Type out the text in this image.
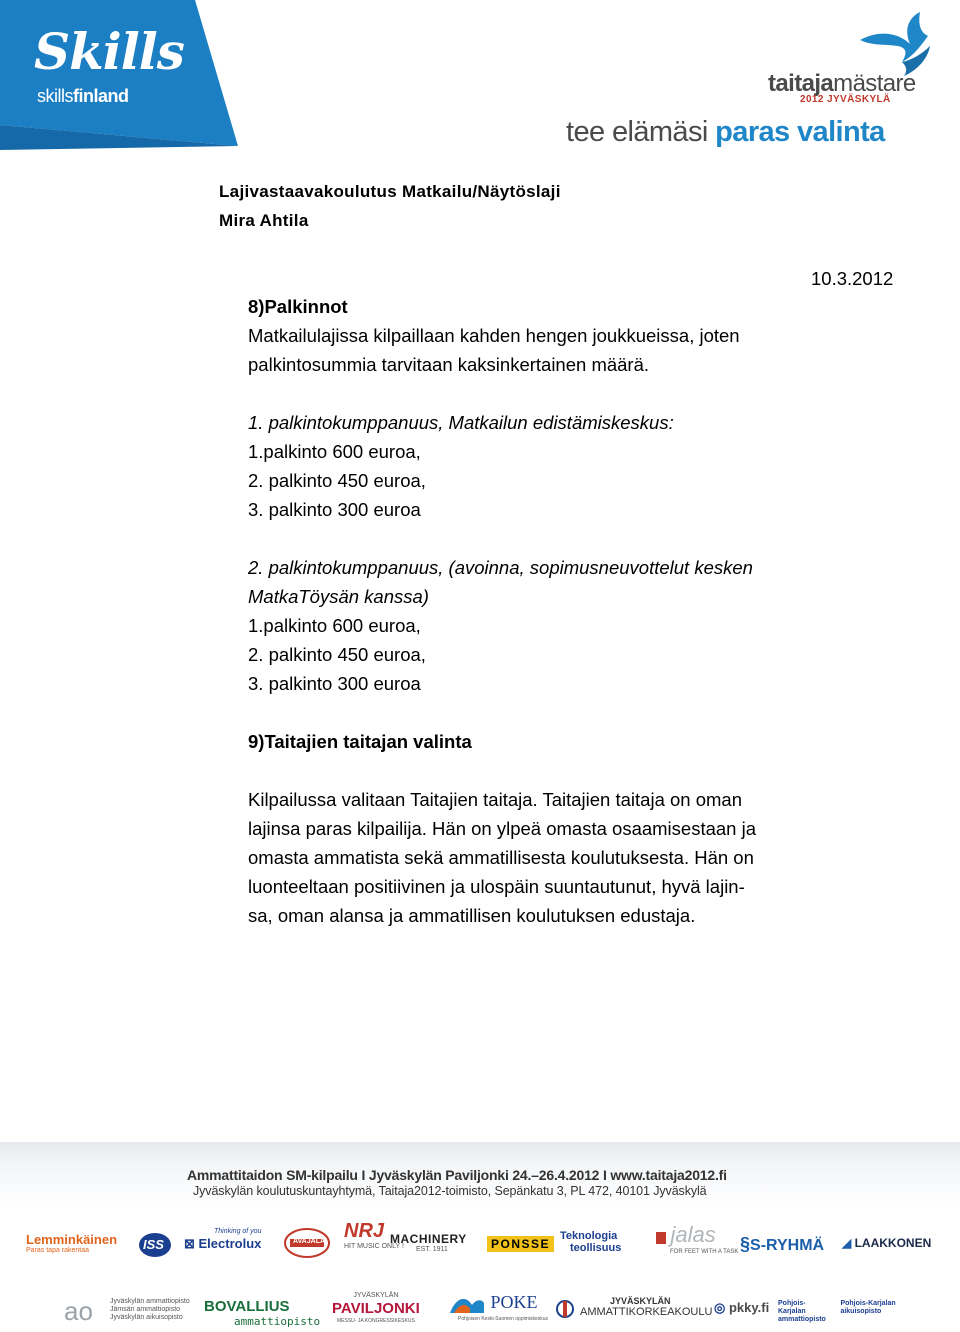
Skills
skillsfinland	taitajamästare
2012 JYVÄSKYLÄ
tee elämäsi paras valinta
Lajivastaavakoulutus Matkailu/Näytöslaji
Mira Ahtila
10.3.2012
8)Palkinnot
Matkailulajissa kilpaillaan kahden hengen joukkueissa, joten
palkintosummia tarvitaan kaksinkertainen määrä.
1. palkintokumppanuus, Matkailun edistämiskeskus:
1.palkinto 600 euroa,
2. palkinto 450 euroa,
3. palkinto 300 euroa
2. palkintokumppanuus, (avoinna, sopimusneuvottelut kesken
MatkaTöysän kanssa)
1.palkinto 600 euroa,
2. palkinto 450 euroa,
3. palkinto 300 euroa
9)Taitajien taitajan valinta
Kilpailussa valitaan Taitajien taitaja. Taitajien taitaja on oman
lajinsa paras kilpailija. Hän on ylpeä omasta osaamisestaan ja
omasta ammatista sekä ammatillisesta koulutuksesta. Hän on
luonteeltaan positiivinen ja ulospäin suuntautunut, hyvä lajin-
sa, oman alansa ja ammatillisen koulutuksen edustaja.
Ammattitaidon SM-kilpailu I Jyväskylän Paviljonki 24.–26.4.2012 I www.taitaja2012.fi
Jyväskylän koulutuskuntayhtymä, Taitaja2012-toimisto, Sepänkatu 3, PL 472, 40101 Jyväskylä
Lemminkäinen
Paras tapa rakentaa	ISS
Thinking of you
⊠ Electrolux	AVAJALA NRJ
HIT MUSIC ONLY !
MACHINERY
EST. 1911	PONSSE
Teknologia
teollisuus
jalas
FOR FEET WITH A TASK §S-RYHMÄ ◢ LAAKKONEN
ao Jyväskylän ammattiopisto
Jämsän ammattiopisto
Jyväskylän aikuisopisto
BOVALLIUS
ammattiopisto
JYVÄSKYLÄN
PAVILJONKI
MESSU- JA KONGRESSIKESKUS
POKE
Pohjoisen Keski-Suomen oppimiskeskus
JYVÄSKYLÄN
AMMATTIKORKEAKOULU ◎ pkky.fi Pohjois-Karjalan ammattiopisto Pohjois-Karjalan aikuisopisto
